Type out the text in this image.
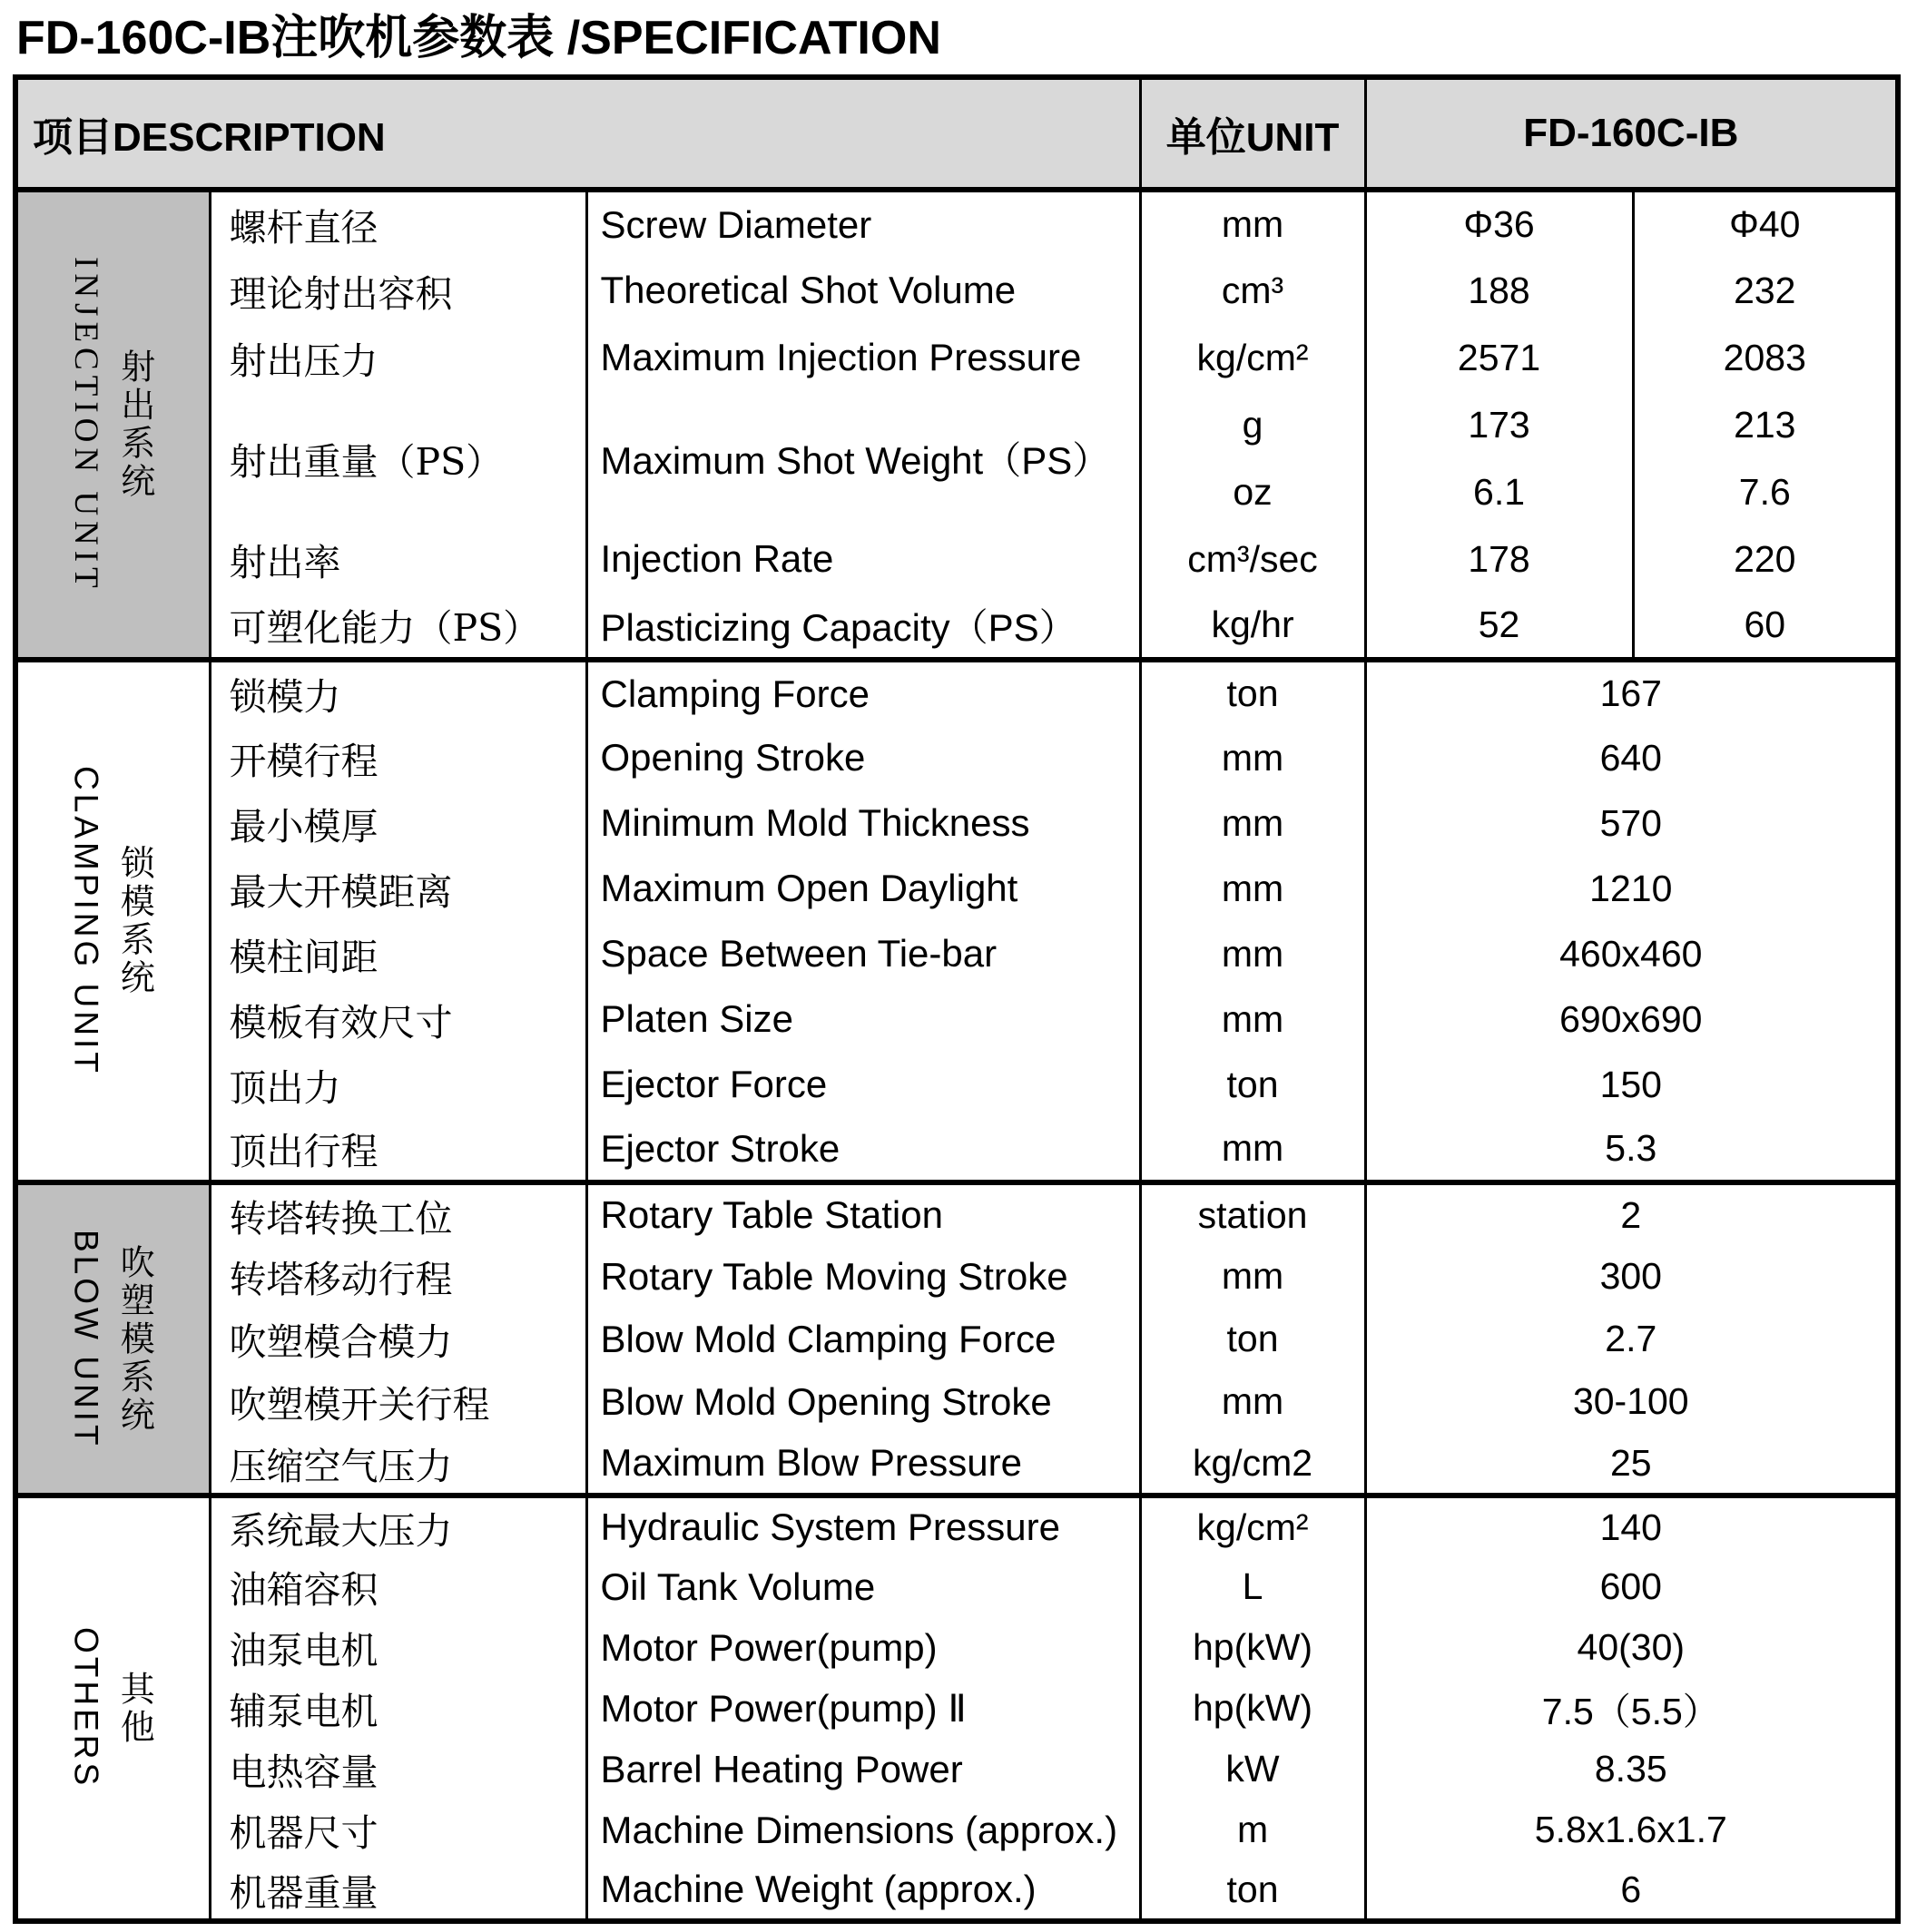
FD-160C-IB注吹机参数表 /SPECIFICATION
项目DESCRIPTION			单位UNIT	FD-160C-IB	

INJECTION UNIT 射出系统	螺杆直径	Screw Diameter	mm	Φ36	Φ40
	理论射出容积	Theoretical Shot Volume	cm³	188	232
	射出压力	Maximum Injection Pressure	kg/cm²	2571	2083
	射出重量（PS）	Maximum Shot Weight（PS）	g	173	213
			oz	6.1	7.6
	射出率	Injection Rate	cm³/sec	178	220
	可塑化能力（PS）	Plasticizing Capacity（PS）	kg/hr	52	60

CLAMPING UNIT 锁模系统	锁模力	Clamping Force	ton	167	
	开模行程	Opening Stroke	mm	640	
	最小模厚	Minimum Mold Thickness	mm	570	
	最大开模距离	Maximum Open Daylight	mm	1210	
	模柱间距	Space Between Tie-bar	mm	460x460	
	模板有效尺寸	Platen Size	mm	690x690	
	顶出力	Ejector Force	ton	150	
	顶出行程	Ejector Stroke	mm	5.3	

BLOW UNIT 吹塑模系统	转塔转换工位	Rotary Table Station	station	2	
	转塔移动行程	Rotary Table Moving Stroke	mm	300	
	吹塑模合模力	Blow Mold Clamping Force	ton	2.7	
	吹塑模开关行程	Blow Mold Opening Stroke	mm	30-100	
	压缩空气压力	Maximum Blow Pressure	kg/cm2	25	

OTHERS 其他	系统最大压力	Hydraulic System Pressure	kg/cm²	140	
	油箱容积	Oil Tank Volume	L	600	
	油泵电机	Motor Power(pump)	hp(kW)	40(30)	
	辅泵电机	Motor Power(pump) Ⅱ	hp(kW)	7.5（5.5）	
	电热容量	Barrel Heating Power	kW	8.35	
	机器尺寸	Machine Dimensions (approx.)	m	5.8x1.6x1.7	
	机器重量	Machine Weight (approx.)	ton	6	
